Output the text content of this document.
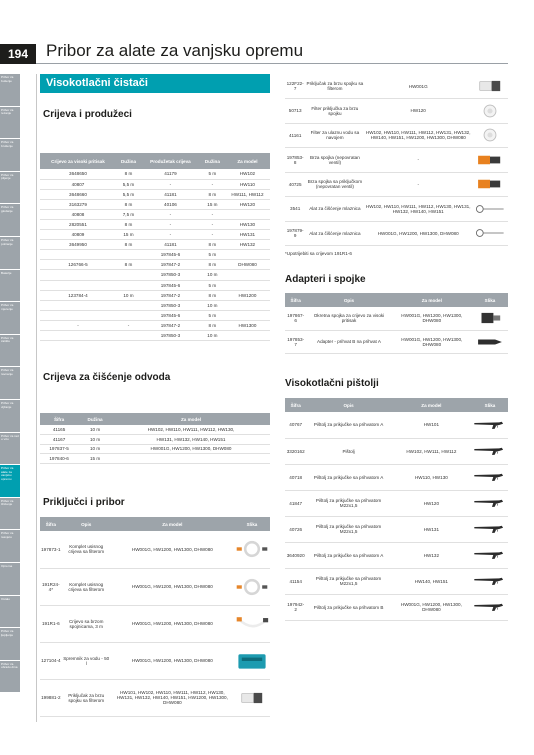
194	Pribor za alate za vanjsku opremu
Pribor za bušenje
Pribor za rezanje
Pribor za brušenje
Pribor za piljenje
Pribor za glodanje
Pribor za poliranje
Baterije
Pribor za mjerenje
Pribor za zaštitu
Pribor za ravnanje
Pribor za vijčanje
Pribor za rad u vrtu
Pribor za alate za vanjsku opremu
Pribor za čišćenje
Pribor za rasvjetu
Oprema
Ostalo
Pribor za ljepljenje
Pribor za obradu drva
Visokotlačni čistači
Crijeva i produžeci
Crijevo za visoki pritisak	Dužina	Produžetak crijeva	Dužina	Za model
3648650	8 m	41179	5 m	HW102
40807	5,5 m	-	-	HW110
3648660	5,5 m	41181	8 m	HW111, HW112
3163279	8 m	40106	15 m	HW120
40808	7,5 m	-	-	
2820551	8 m	-	-	HW130
40809	15 m	-	-	HW131
3649950	8 m	41181	8 m	HW132
		197845-6	5 m	
126766-5	8 m	197847-2	8 m	DHW080
		197850-3	10 m	
		197845-6	5 m	
123784-4	10 m	197847-2	8 m	HW1200
		197850-3	10 m	
		197845-6	5 m	
-	-	197847-2	8 m	HW1300
		197850-3	10 m	
Crijeva za čišćenje odvoda
Šifra	Dužina	Za model
41165	10 m	HW102, HW110, HW111, HW112, HW130,
41167	10 m	HW131, HW132, HW140, HW151
197837-5	10 m	HW001G, HW1200, HW1300, DHW080
197840-6	15 m	
Priključci i pribor
Šifra	Opis	Za model	Slika
197873-1	Komplet usisnog crijeva sa filterom	HW001G, HW1200, HW1300, DHW080	

191R24-4*	Komplet usisnog crijeva sa filterom	HW001G, HW1200, HW1300, DHW080	

191R1-6	Crijevo sa brzom spojnicama, 3 m	HW001G, HW1200, HW1300, DHW080	

127104-4	Spremnik za vodu - 50 l	HW001G, HW1200, HW1300, DHW080	

199881-2	Priključak za brzu spojku sa filterom	HW101, HW102, HW110, HW111, HW112, HW130, HW131, HW132, HW140, HW151, HW1200, HW1300, DHW080	
122F22-7	Priključak za brzu spojku sa filterom	HW001G	

50713	Filter priključka za brzu spojku	HW120	

41161	Filter za ulaznu vodu sa navojem	HW102, HW110, HW111, HW112, HW131, HW132, HW140, HW151, HW1200, HW1300, DHW080	

197853-8	Brza spojka (nepovratan ventil)	-	

40725	Brza spojka sa priključkom (nepovratan ventil)	-	

3541	Alat za čišćenje mlaznica	HW102, HW110, HW111, HW112, HW130, HW131, HW132, HW140, HW151	

197879-9	Alat za čišćenje mlaznica	HW001G, HW1200, HW1300, DHW080	
*Upotrijebiti sa crijevom 191R1-6
Adapteri i spojke
Šifra	Opis	Za model	Slika
197867-6	Okretna spojka za crijevo za visoki pritisak	HW001G, HW1200, HW1300, DHW080	

197853-7	Adapter - prihvat B na prihvat A	HW001G, HW1200, HW1300, DHW080	
Visokotlačni pištolji
Šifra	Opis	Za model	Slika
40767	Pištolj za prikjučke sa prihvatom A	HW101	

3320162	Pištolj	HW102, HW111, HW112	

40718	Pištolj za prikjučke sa prihvatom A	HW110, HW130	

41847	Pištolj za prikjučke sa prihvatom M22x1,5	HW120	

40726	Pištolj za prikjučke sa prihvatom M22x1,5	HW131	

3640920	Pištolj za prikjučke sa prihvatom A	HW132	

41154	Pištolj za prikjučke sa prihvatom M22x1,5	HW140, HW151	

197942-2	Pištolj za prikjučke sa prihvatom B	HW001G, HW1200, HW1300, DHW080	
